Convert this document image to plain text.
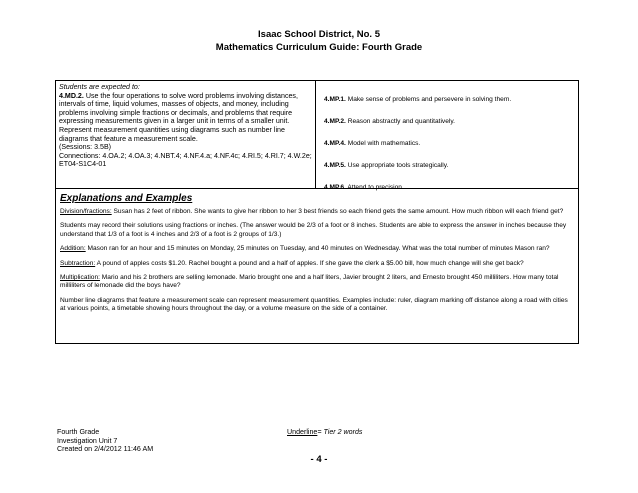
Isaac School District, No. 5
Mathematics Curriculum Guide: Fourth Grade
Students are expected to:
4.MD.2. Use the four operations to solve word problems involving distances, intervals of time, liquid volumes, masses of objects, and money, including problems involving simple fractions or decimals, and problems that require expressing measurements given in a larger unit in terms of a smaller unit. Represent measurement quantities using diagrams such as number line diagrams that feature a measurement scale.
(Sessions: 3.5B)
Connections: 4.OA.2; 4.OA.3; 4.NBT.4; 4.NF.4.a; 4.NF.4c; 4.RI.5; 4.RI.7; 4.W.2e;
ET04-S1C4-01
4.MP.1. Make sense of problems and persevere in solving them.
4.MP.2. Reason abstractly and quantitatively.
4.MP.4. Model with mathematics.
4.MP.5. Use appropriate tools strategically.
4.MP.6. Attend to precision.
Explanations and Examples

Division/fractions: Susan has 2 feet of ribbon. She wants to give her ribbon to her 3 best friends so each friend gets the same amount. How much ribbon will each friend get?

Students may record their solutions using fractions or inches. (The answer would be 2/3 of a foot or 8 inches. Students are able to express the answer in inches because they understand that 1/3 of a foot is 4 inches and 2/3 of a foot is 2 groups of 1/3.)

Addition: Mason ran for an hour and 15 minutes on Monday, 25 minutes on Tuesday, and 40 minutes on Wednesday. What was the total number of minutes Mason ran?

Subtraction: A pound of apples costs $1.20. Rachel bought a pound and a half of apples. If she gave the clerk a $5.00 bill, how much change will she get back?

Multiplication: Mario and his 2 brothers are selling lemonade. Mario brought one and a half liters, Javier brought 2 liters, and Ernesto brought 450 milliliters. How many total milliliters of lemonade did the boys have?

Number line diagrams that feature a measurement scale can represent measurement quantities. Examples include: ruler, diagram marking off distance along a road with cities at various points, a timetable showing hours throughout the day, or a volume measure on the side of a container.

Fourth Grade
Investigation Unit 7
Created on 2/4/2012 11:46 AM
Underline= Tier 2 words
- 4 -
